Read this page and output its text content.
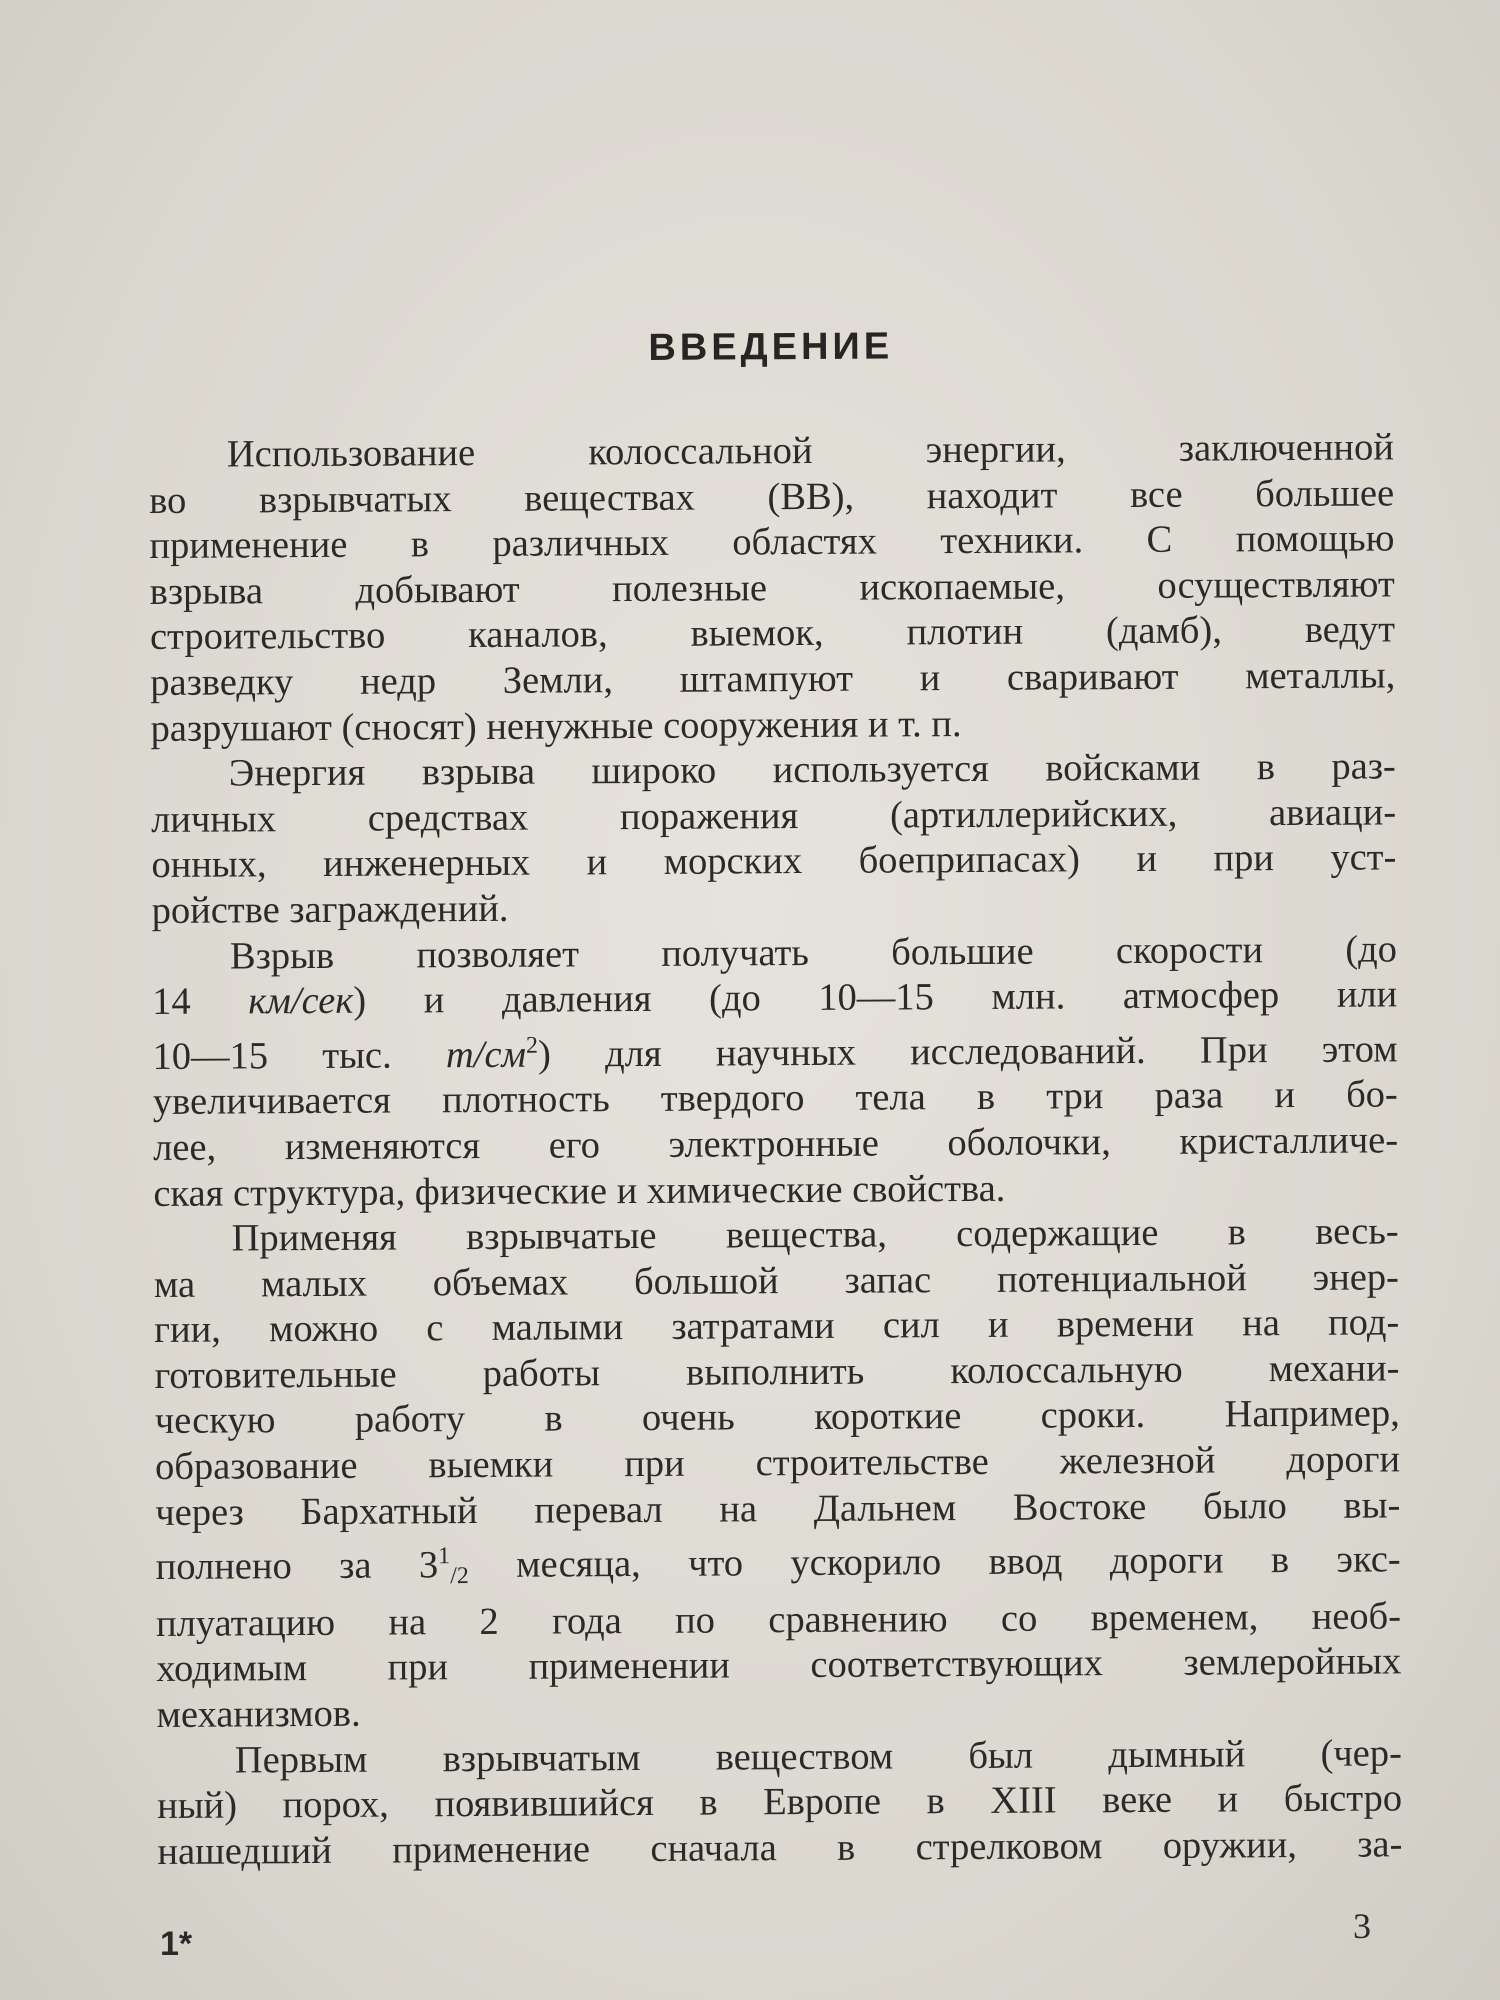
ВВЕДЕНИЕ

Использование колоссальной энергии, заключенной
во взрывчатых веществах (ВВ), находит все большее
применение в различных областях техники. С помощью
взрыва добывают полезные ископаемые, осуществляют
строительство каналов, выемок, плотин (дамб), ведут
разведку недр Земли, штампуют и сваривают металлы,
разрушают (сносят) ненужные сооружения и т. п.

Энергия взрыва широко используется войсками в раз-
личных средствах поражения (артиллерийских, авиаци-
онных, инженерных и морских боеприпасах) и при уст-
ройстве заграждений.

Взрыв позволяет получать большие скорости (до
14 км/сек) и давления (до 10—15 млн. атмосфер или
10—15 тыс. $т/см^2$) для научных исследований. При этом
увеличивается плотность твердого тела в три раза и бо-
лее, изменяются его электронные оболочки, кристалличе-
ская структура, физические и химические свойства.

Применяя взрывчатые вещества, содержащие в весь-
ма малых объемах большой запас потенциальной энер-
гии, можно с малыми затратами сил и времени на под-
готовительные работы выполнить колоссальную механи-
ческую работу в очень короткие сроки. Например,
образование выемки при строительстве железной дороги
через Бархатный перевал на Дальнем Востоке было вы-
полнено за $3^1_{/2}$ месяца, что ускорило ввод дороги в экс-
плуатацию на 2 года по сравнению со временем, необ-
ходимым при применении соответствующих землеройных
механизмов.

Первым взрывчатым веществом был дымный (чер-
ный) порох, появившийся в Европе в XIII веке и быстро
нашедший применение сначала в стрелковом оружии, за-

1*	3
